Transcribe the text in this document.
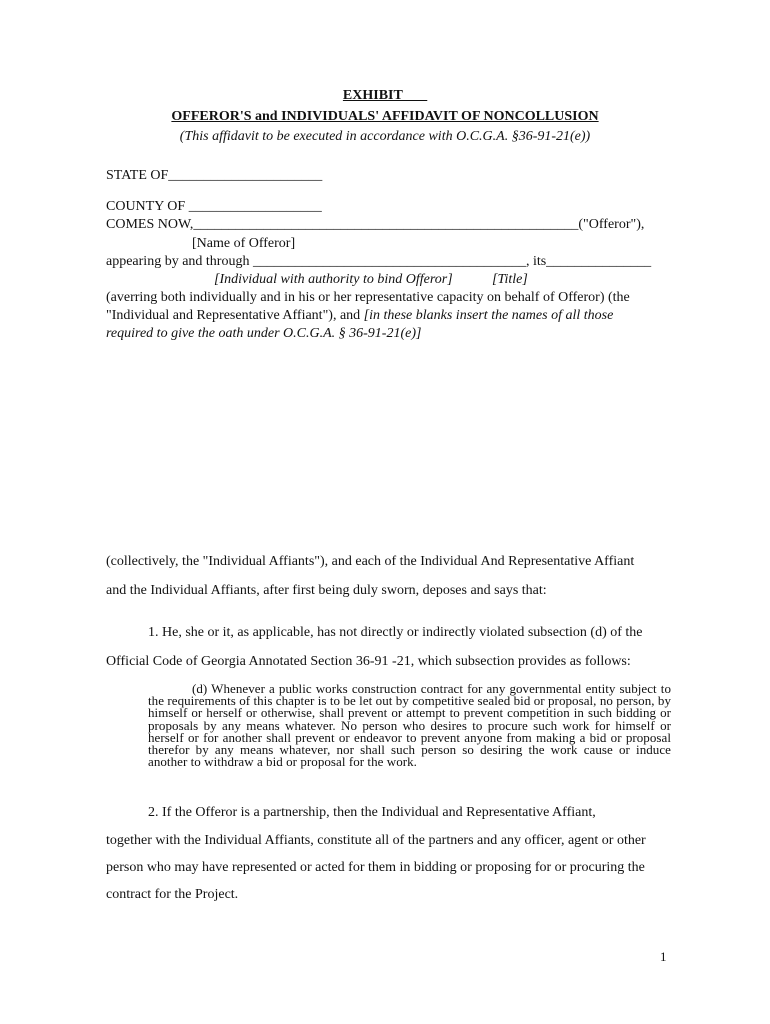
EXHIBIT ___
OFFEROR'S and INDIVIDUALS' AFFIDAVIT OF NONCOLLUSION
(This affidavit to be executed in accordance with O.C.G.A. §36-91-21(e))
STATE OF______________________
COUNTY OF ___________________
COMES NOW,_______________________________________________________("Offeror"),
[Name of Offeror]
appearing by and through _______________________________________, its_______________
[Individual with authority to bind Offeror]	[Title]
(averring both individually and in his or her representative capacity on behalf of Offeror) (the
"Individual and Representative Affiant"), and [in these blanks insert the names of all those
required to give the oath under O.C.G.A. § 36-91-21(e)]
(collectively, the "Individual Affiants"), and each of the Individual And Representative Affiant
and the Individual Affiants, after first being duly sworn, deposes and says that:
1. He, she or it, as applicable, has not directly or indirectly violated subsection (d) of the
Official Code of Georgia Annotated Section 36-91 -21, which subsection provides as follows:
(d) Whenever a public works construction contract for any governmental entity subject to the requirements of this chapter is to be let out by competitive sealed bid or proposal, no person, by himself or herself or otherwise, shall prevent or attempt to prevent competition in such bidding or proposals by any means whatever. No person who desires to procure such work for himself or herself or for another shall prevent or endeavor to prevent anyone from making a bid or proposal therefor by any means whatever, nor shall such person so desiring the work cause or induce another to withdraw a bid or proposal for the work.
2. If the Offeror is a partnership, then the Individual and Representative Affiant,
together with the Individual Affiants, constitute all of the partners and any officer, agent or other
person who may have represented or acted for them in bidding or proposing for or procuring the
contract for the Project.
1
